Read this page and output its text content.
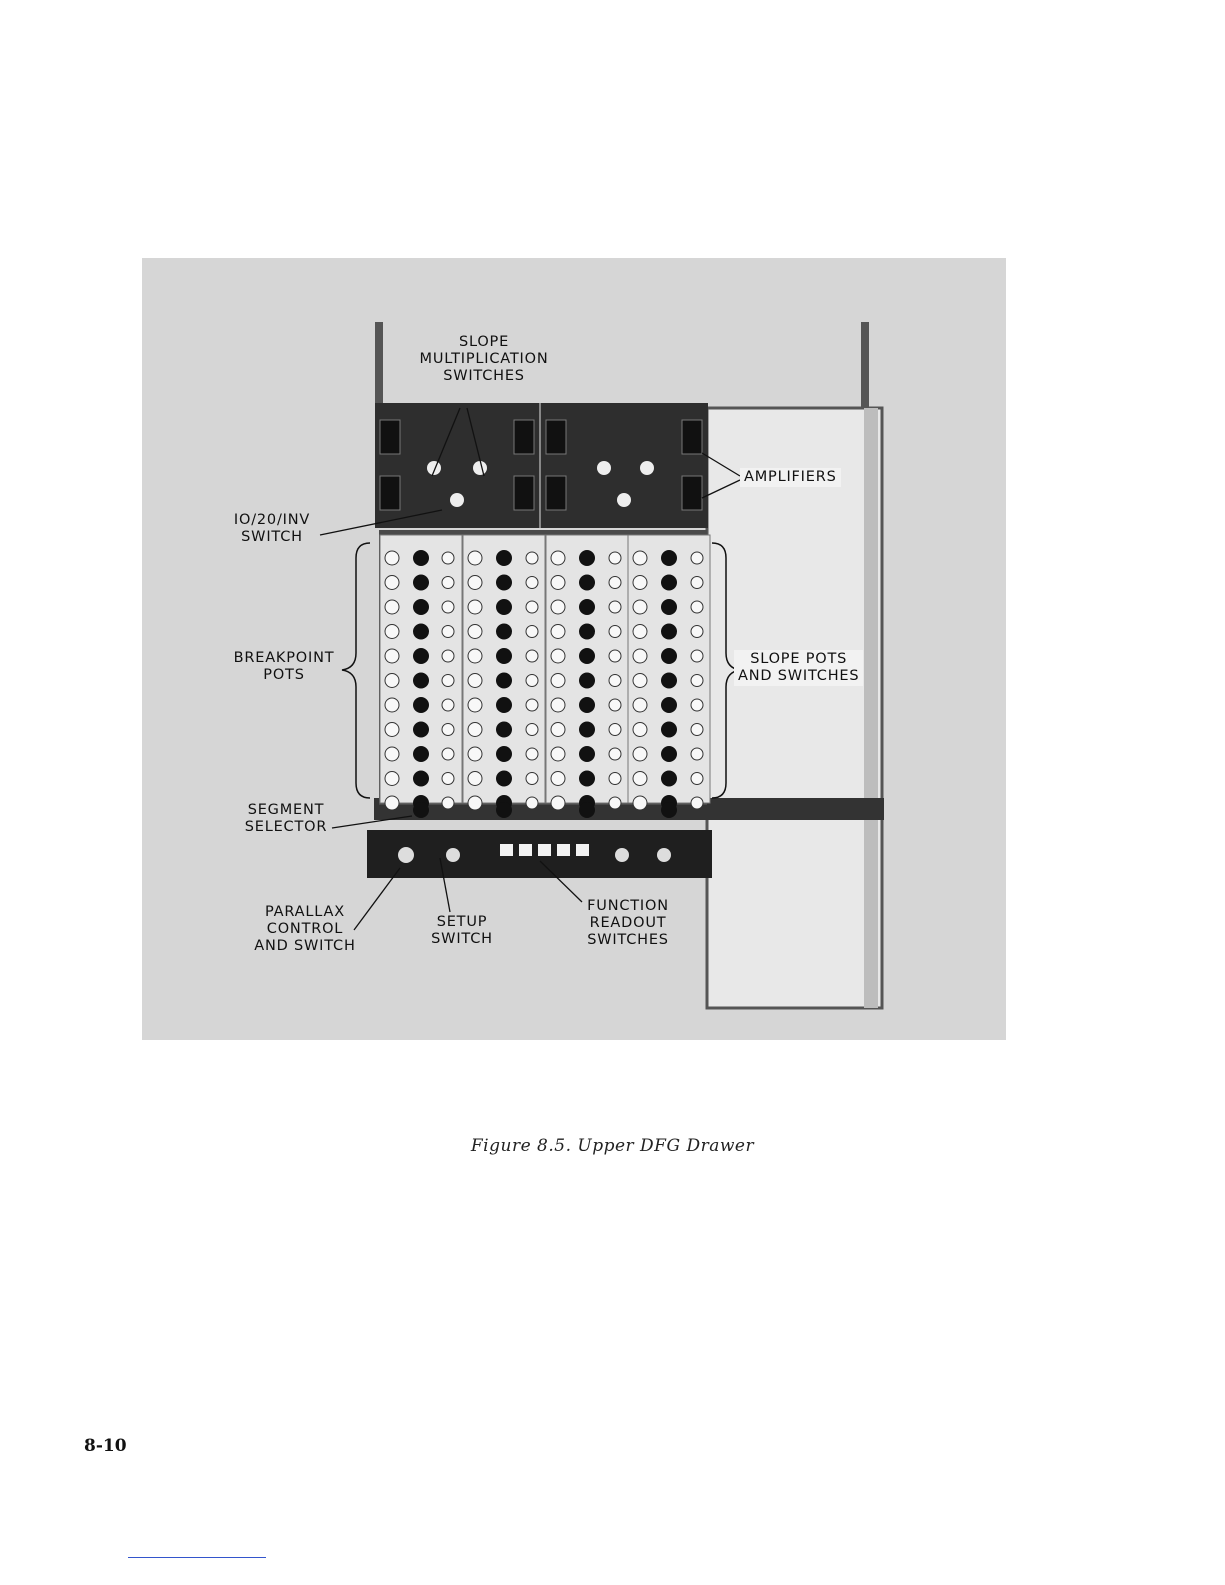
SLOPE
MULTIPLICATION
SWITCHES
AMPLIFIERS
IO/20/INV
SWITCH
BREAKPOINT
POTS
SLOPE POTS
AND SWITCHES
SEGMENT
SELECTOR
PARALLAX
CONTROL
AND SWITCH
SETUP
SWITCH
FUNCTION
READOUT
SWITCHES
Figure 8.5. Upper DFG Drawer
8-10
